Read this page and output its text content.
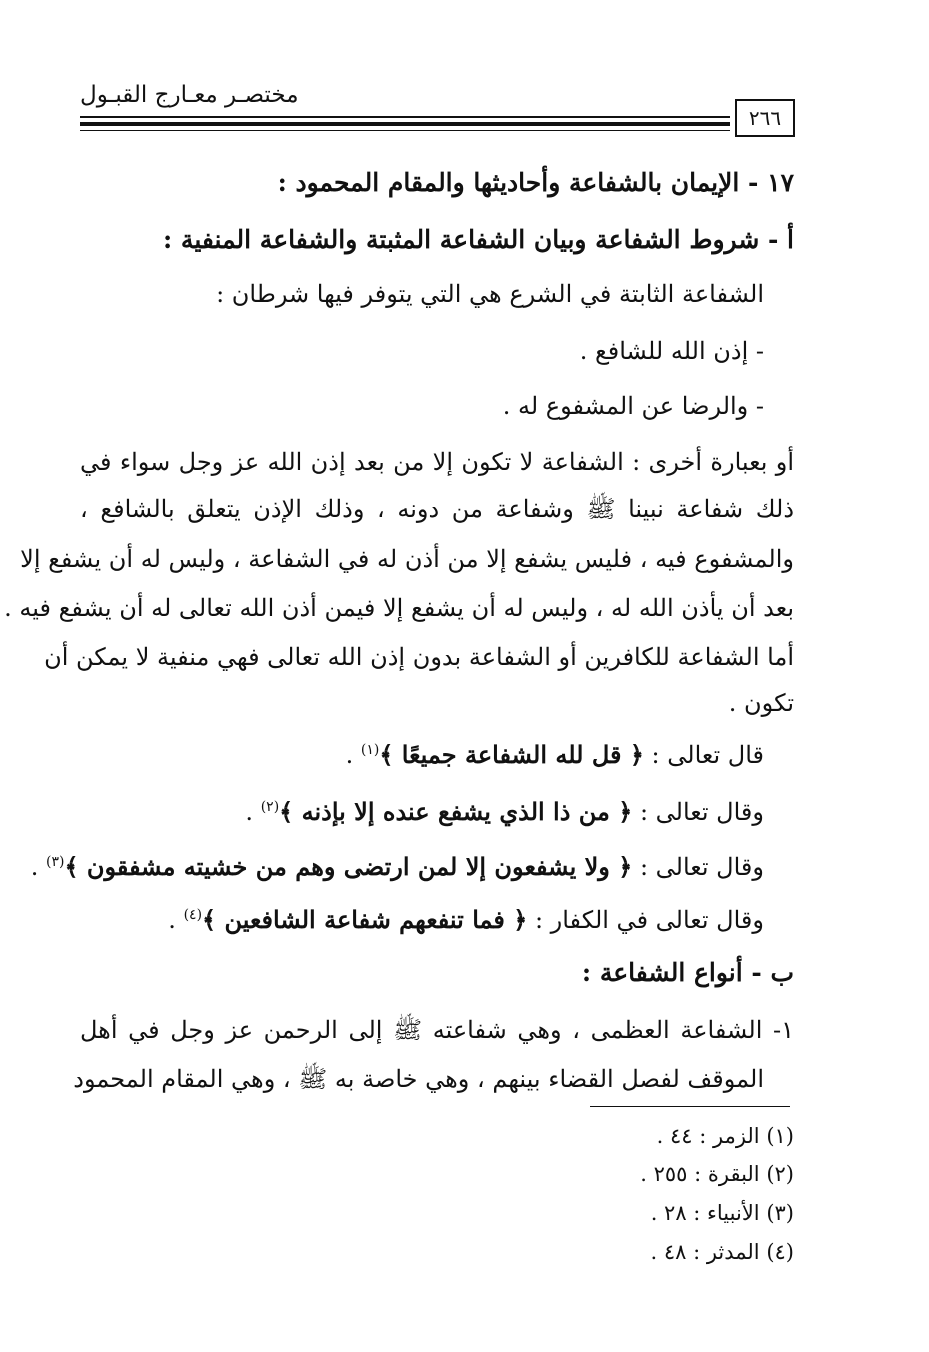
مختصـر معـارج القبـول
٢٦٦
١٧ - الإيمان بالشفاعة وأحاديثها والمقام المحمود :
أ - شروط الشفاعة وبيان الشفاعة المثبتة والشفاعة المنفية :
الشفاعة الثابتة في الشرع هي التي يتوفر فيها شرطان :
- إذن الله للشافع .
- والرضا عن المشفوع له .
أو بعبارة أخرى : الشفاعة لا تكون إلا من بعد إذن الله عز وجل سواء في
ذلك شفاعة نبينا ﷺ وشفاعة من دونه ، وذلك الإذن يتعلق بالشافع ،
والمشفوع فيه ، فليس يشفع إلا من أذن له في الشفاعة ، وليس له أن يشفع إلا
بعد أن يأذن الله له ، وليس له أن يشفع إلا فيمن أذن الله تعالى له أن يشفع فيه .
أما الشفاعة للكافرين أو الشفاعة بدون إذن الله تعالى فهي منفية لا يمكن أن
تكون .
قال تعالى : ﴿ قل لله الشفاعة جميعًا ﴾$^{(١)}$ .
وقال تعالى : ﴿ من ذا الذي يشفع عنده إلا بإذنه ﴾$^{(٢)}$ .
وقال تعالى : ﴿ ولا يشفعون إلا لمن ارتضى وهم من خشيته مشفقون ﴾$^{(٣)}$ .
وقال تعالى في الكفار : ﴿ فما تنفعهم شفاعة الشافعين ﴾$^{(٤)}$ .
ب - أنواع الشفاعة :
١- الشفاعة العظمى ، وهي شفاعته ﷺ إلى الرحمن عز وجل في أهل
الموقف لفصل القضاء بينهم ، وهي خاصة به ﷺ ، وهي المقام المحمود
(١) الزمر : ٤٤ .
(٢) البقرة : ٢٥٥ .
(٣) الأنبياء : ٢٨ .
(٤) المدثر : ٤٨ .
